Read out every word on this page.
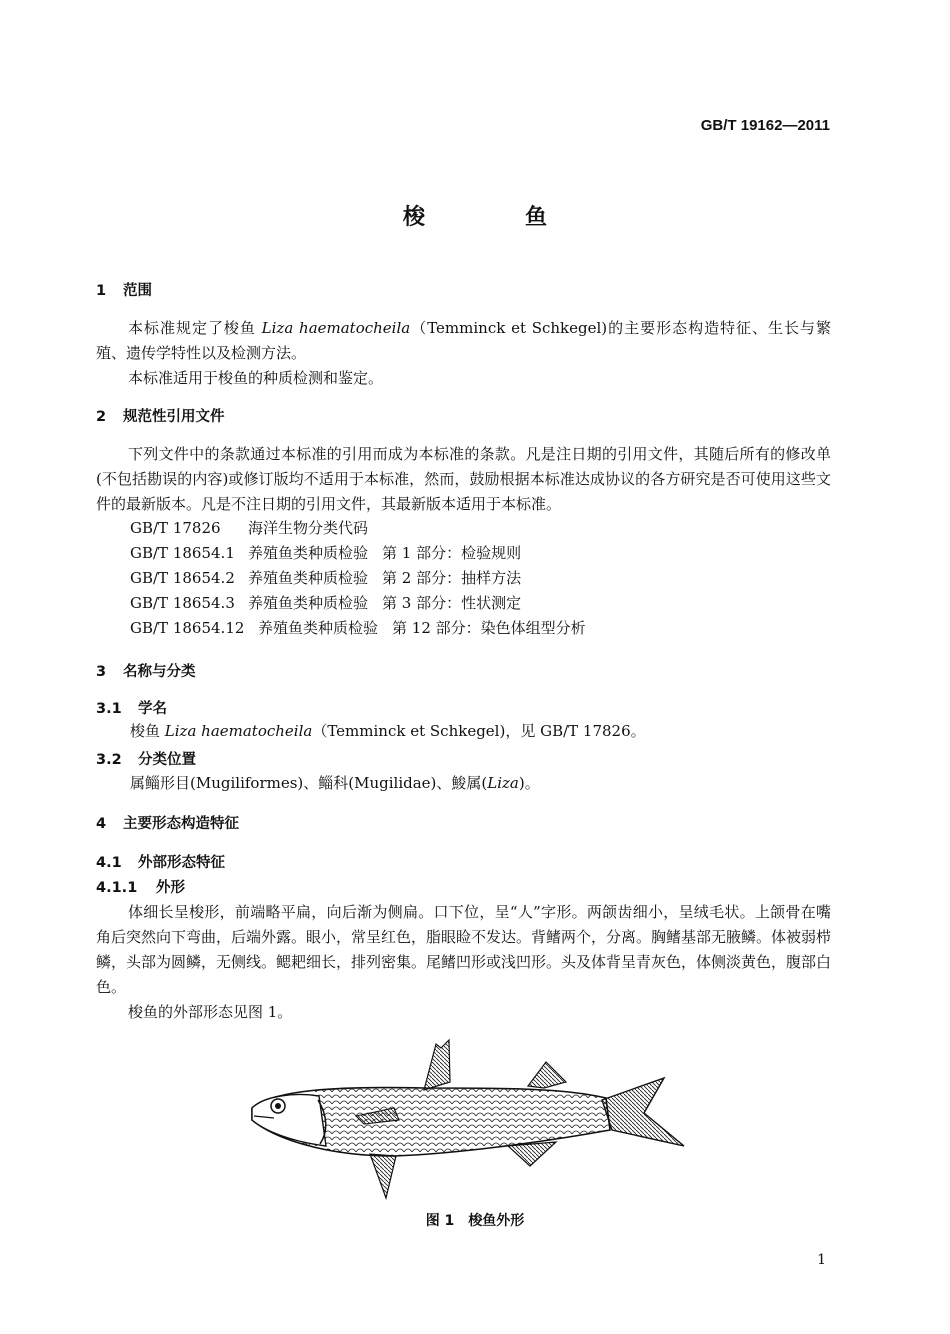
GB/T 19162—2011
梭鱼
1 范围
本标准规定了梭鱼 Liza haematocheila（Temminck et Schkegel)的主要形态构造特征、生长与繁殖、遗传学特性以及检测方法。
本标准适用于梭鱼的种质检测和鉴定。
2 规范性引用文件
下列文件中的条款通过本标准的引用而成为本标准的条款。凡是注日期的引用文件，其随后所有的修改单(不包括勘误的内容)或修订版均不适用于本标准，然而，鼓励根据本标准达成协议的各方研究是否可使用这些文件的最新版本。凡是不注日期的引用文件，其最新版本适用于本标准。
GB/T 17826 海洋生物分类代码
GB/T 18654.1 养殖鱼类种质检验 第 1 部分：检验规则
GB/T 18654.2 养殖鱼类种质检验 第 2 部分：抽样方法
GB/T 18654.3 养殖鱼类种质检验 第 3 部分：性状测定
GB/T 18654.12 养殖鱼类种质检验 第 12 部分：染色体组型分析
3 名称与分类
3.1 学名
梭鱼 Liza haematocheila（Temminck et Schkegel)，见 GB/T 17826。
3.2 分类位置
属鲻形目(Mugiliformes)、鲻科(Mugilidae)、鮻属(Liza)。
4 主要形态构造特征
4.1 外部形态特征
4.1.1 外形
体细长呈梭形，前端略平扁，向后渐为侧扁。口下位，呈“人”字形。两颌齿细小，呈绒毛状。上颌骨在嘴角后突然向下弯曲，后端外露。眼小，常呈红色，脂眼睑不发达。背鳍两个，分离。胸鳍基部无腋鳞。体被弱栉鳞，头部为圆鳞，无侧线。鳃耙细长，排列密集。尾鳍凹形或浅凹形。头及体背呈青灰色，体侧淡黄色，腹部白色。
梭鱼的外部形态见图 1。
图 1 梭鱼外形
1
